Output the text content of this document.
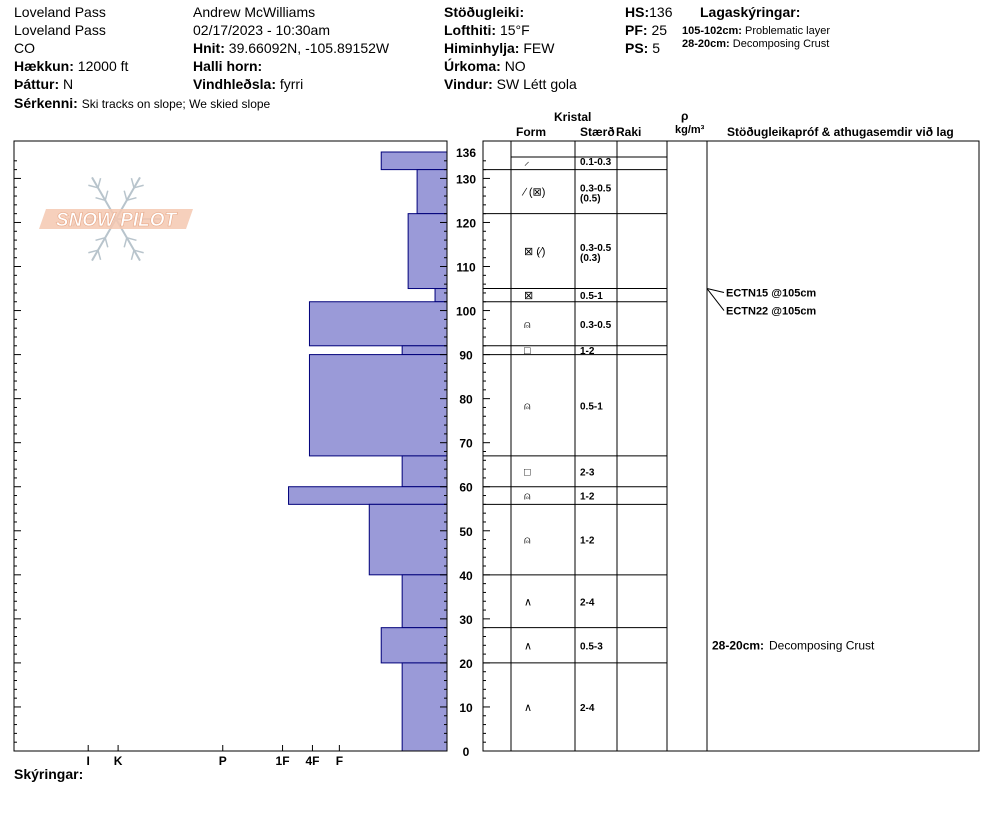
Loveland Pass
Loveland Pass
CO
Hækkun: 12000 ft
Þáttur: N
Sérkenni: Ski tracks on slope; We skied slope
Andrew McWilliams
02/17/2023 - 10:30am
Hnit: 39.66092N, -105.89152W
Halli horn:
Vindhleðsla: fyrri
Stöðugleiki:
Lofthiti: 15°F
Himinhylja: FEW
Úrkoma: NO
Vindur: SW Létt gola
HS:136
PF: 25
PS: 5
Lagaskýringar:
105-102cm: Problematic layer
28-20cm: Decomposing Crust
Kristal
Form	Stærð Raki
ρ
kg/m³ Stöðugleikapróf & athugasemdir við lag
SNOW PILOT
0
10
20
30
40
50
60
70
80
90
100
110
120
130
136
I K	P	1F 4F F
⸝	0.1-0.3
∕ (⊠)	0.3-0.5
(0.5)
⊠ (∕)	0.3-0.5
(0.3)
⊠	0.5-1
⍝	0.3-0.5
□	1-2
⍝	0.5-1
□	2-3
⍝	1-2
⍝	1-2
∧	2-4
∧	0.5-3
∧	2-4
ECTN15 @105cm
ECTN22 @105cm
28-20cm: Decomposing Crust
Skýringar:
